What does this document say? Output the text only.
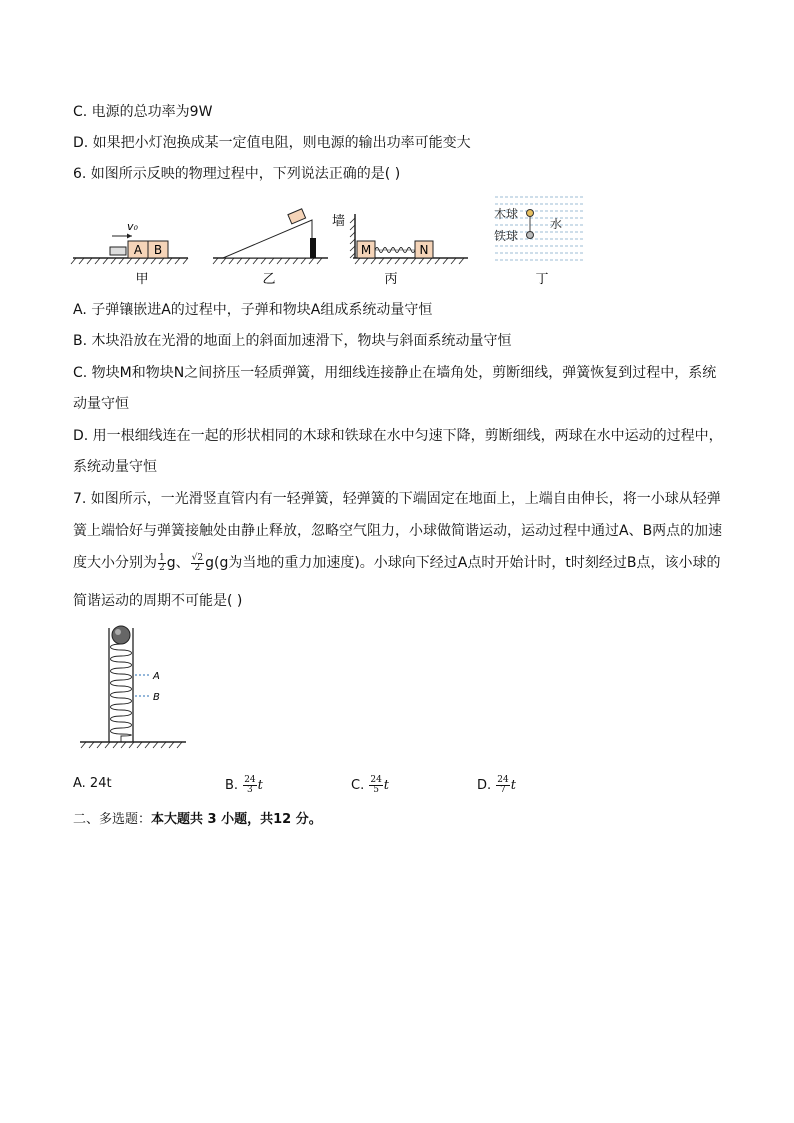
C. 电源的总功率为9W
D. 如果把小灯泡换成某一定值电阻，则电源的输出功率可能变大
6. 如图所示反映的物理过程中，下列说法正确的是( )
A B
v₀
甲	乙
墙
M	N
丙
木球
铁球
水
丁
A. 子弹镶嵌进A的过程中，子弹和物块A组成系统动量守恒
B. 木块沿放在光滑的地面上的斜面加速滑下，物块与斜面系统动量守恒
C. 物块M和物块N之间挤压一轻质弹簧，用细线连接静止在墙角处，剪断细线，弹簧恢复到过程中，系统
动量守恒
D. 用一根细线连在一起的形状相同的木球和铁球在水中匀速下降，剪断细线，两球在水中运动的过程中，
系统动量守恒
7. 如图所示，一光滑竖直管内有一轻弹簧，轻弹簧的下端固定在地面上，上端自由伸长，将一小球从轻弹
簧上端恰好与弹簧接触处由静止释放，忽略空气阻力，小球做简谐运动，运动过程中通过A、B两点的加速
度大小分别为 $\frac{1}{2}$ g、 $\frac{√2}{2} g(g$为当地的重力加速度)。小球向下经过A点时开始计时，t时刻经过B点，该小球的
简谐运动的周期不可能是( )
A
B
A. 24t	B. $\frac{24}{3}$ t	C. $\frac{24}{5}$ t	D. $\frac{24}{7}$ t
二、多选题：本大题共 3 小题，共12 分。
